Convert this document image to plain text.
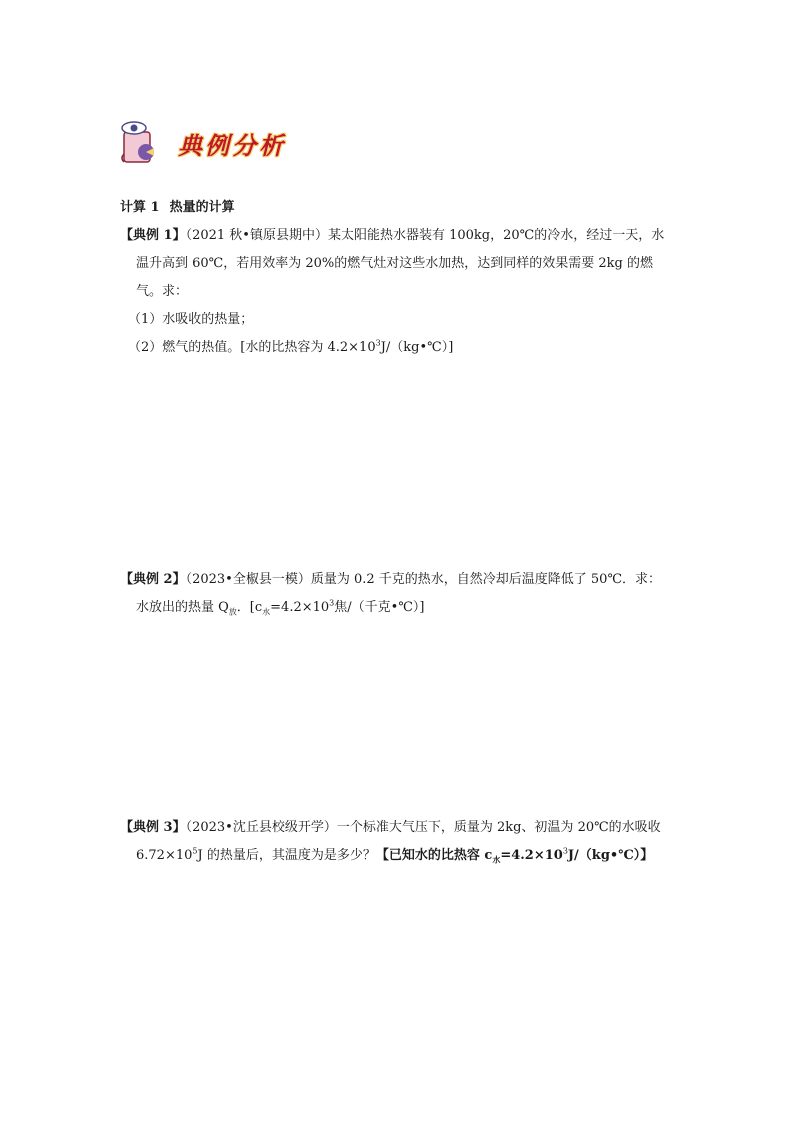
典例分析
计算 1 热量的计算
【典例 1】（2021 秋•镇原县期中）某太阳能热水器装有 100kg，20℃的冷水，经过一天，水
温升高到 60℃，若用效率为 20%的燃气灶对这些水加热，达到同样的效果需要 2kg 的燃
气。求：
（1）水吸收的热量；
（2）燃气的热值。[水的比热容为 $4.2\times 10^3J/(kg•℃)$]
【典例 2】（2023•全椒县一模）质量为 0.2 千克的热水，自然冷却后温度降低了 50℃．求：
水放出的热量 $Q_放$．[$c_水=4.2\times 10^3$焦/（千克•℃）]
【典例 3】（2023•沈丘县校级开学）一个标准大气压下，质量为 2kg、初温为 20℃的水吸收
$6.72\times 10^5J$ 的热量后，其温度为是多少？【已知水的比热容 $c_水=4.2\times 10^3J/(kg•℃)$】
